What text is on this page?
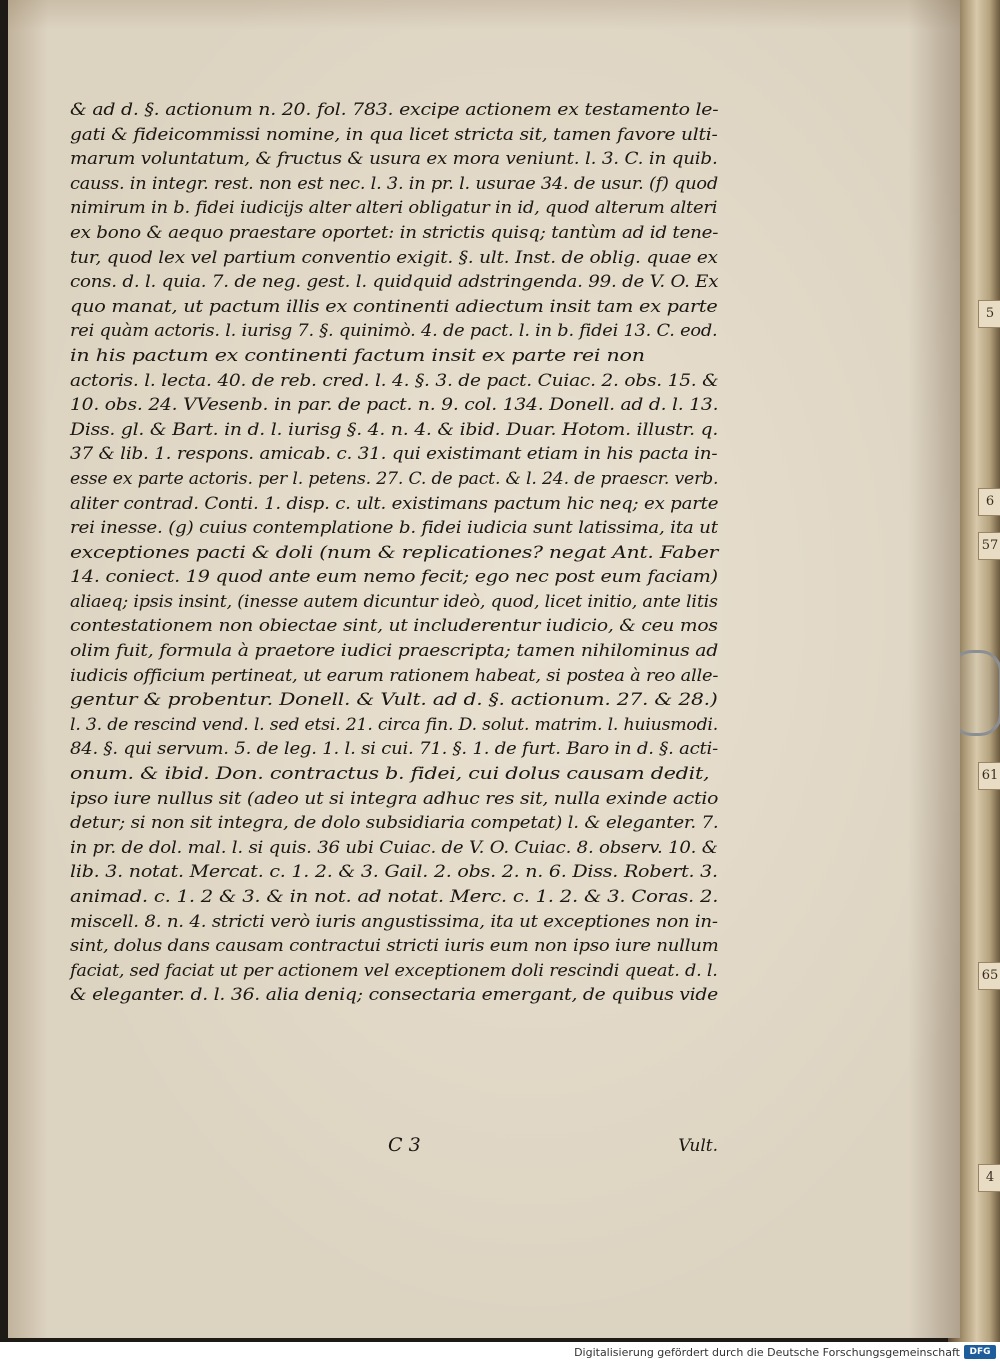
5
6
57
61
65
4
& ad d. §. actionum n. 20. fol. 783. excipe actionem ex testamento le-
gati & fideicommissi nomine, in qua licet stricta sit, tamen favore ulti-
marum voluntatum, & fructus & usura ex mora veniunt. l. 3. C. in quib.
causs. in integr. rest. non est nec. l. 3. in pr. l. usurae 34. de usur. (f) quod
nimirum in b. fidei iudicijs alter alteri obligatur in id, quod alterum alteri
ex bono & aequo praestare oportet: in strictis quisq; tantùm ad id tene-
tur, quod lex vel partium conventio exigit. §. ult. Inst. de oblig. quae ex
cons. d. l. quia. 7. de neg. gest. l. quidquid adstringenda. 99. de V. O. Ex
quo manat, ut pactum illis ex continenti adiectum insit tam ex parte
rei quàm actoris. l. iurisg 7. §. quinimò. 4. de pact. l. in b. fidei 13. C. eod.
in his pactum ex continenti factum insit ex parte rei non
actoris. l. lecta. 40. de reb. cred. l. 4. §. 3. de pact. Cuiac. 2. obs. 15. &
10. obs. 24. VVesenb. in par. de pact. n. 9. col. 134. Donell. ad d. l. 13.
Diss. gl. & Bart. in d. l. iurisg §. 4. n. 4. & ibid. Duar. Hotom. illustr. q.
37 & lib. 1. respons. amicab. c. 31. qui existimant etiam in his pacta in-
esse ex parte actoris. per l. petens. 27. C. de pact. & l. 24. de praescr. verb.
aliter contrad. Conti. 1. disp. c. ult. existimans pactum hic neq; ex parte
rei inesse. (g) cuius contemplatione b. fidei iudicia sunt latissima, ita ut
exceptiones pacti & doli (num & replicationes? negat Ant. Faber
14. coniect. 19 quod ante eum nemo fecit; ego nec post eum faciam)
aliaeq; ipsis insint, (inesse autem dicuntur ideò, quod, licet initio, ante litis
contestationem non obiectae sint, ut includerentur iudicio, & ceu mos
olim fuit, formula à praetore iudici praescripta; tamen nihilominus ad
iudicis officium pertineat, ut earum rationem habeat, si postea à reo alle-
gentur & probentur. Donell. & Vult. ad d. §. actionum. 27. & 28.)
l. 3. de rescind vend. l. sed etsi. 21. circa fin. D. solut. matrim. l. huiusmodi.
84. §. qui servum. 5. de leg. 1. l. si cui. 71. §. 1. de furt. Baro in d. §. acti-
onum. & ibid. Don. contractus b. fidei, cui dolus causam dedit,
ipso iure nullus sit (adeo ut si integra adhuc res sit, nulla exinde actio
detur; si non sit integra, de dolo subsidiaria competat) l. & eleganter. 7.
in pr. de dol. mal. l. si quis. 36 ubi Cuiac. de V. O. Cuiac. 8. observ. 10. &
lib. 3. notat. Mercat. c. 1. 2. & 3. Gail. 2. obs. 2. n. 6. Diss. Robert. 3.
animad. c. 1. 2 & 3. & in not. ad notat. Merc. c. 1. 2. & 3. Coras. 2.
miscell. 8. n. 4. stricti verò iuris angustissima, ita ut exceptiones non in-
sint, dolus dans causam contractui stricti iuris eum non ipso iure nullum
faciat, sed faciat ut per actionem vel exceptionem doli rescindi queat. d. l.
& eleganter. d. l. 36. alia deniq; consectaria emergant, de quibus vide
C 3	Vult.
Digitalisierung gefördert durch die Deutsche Forschungsgemeinschaft	DFG
